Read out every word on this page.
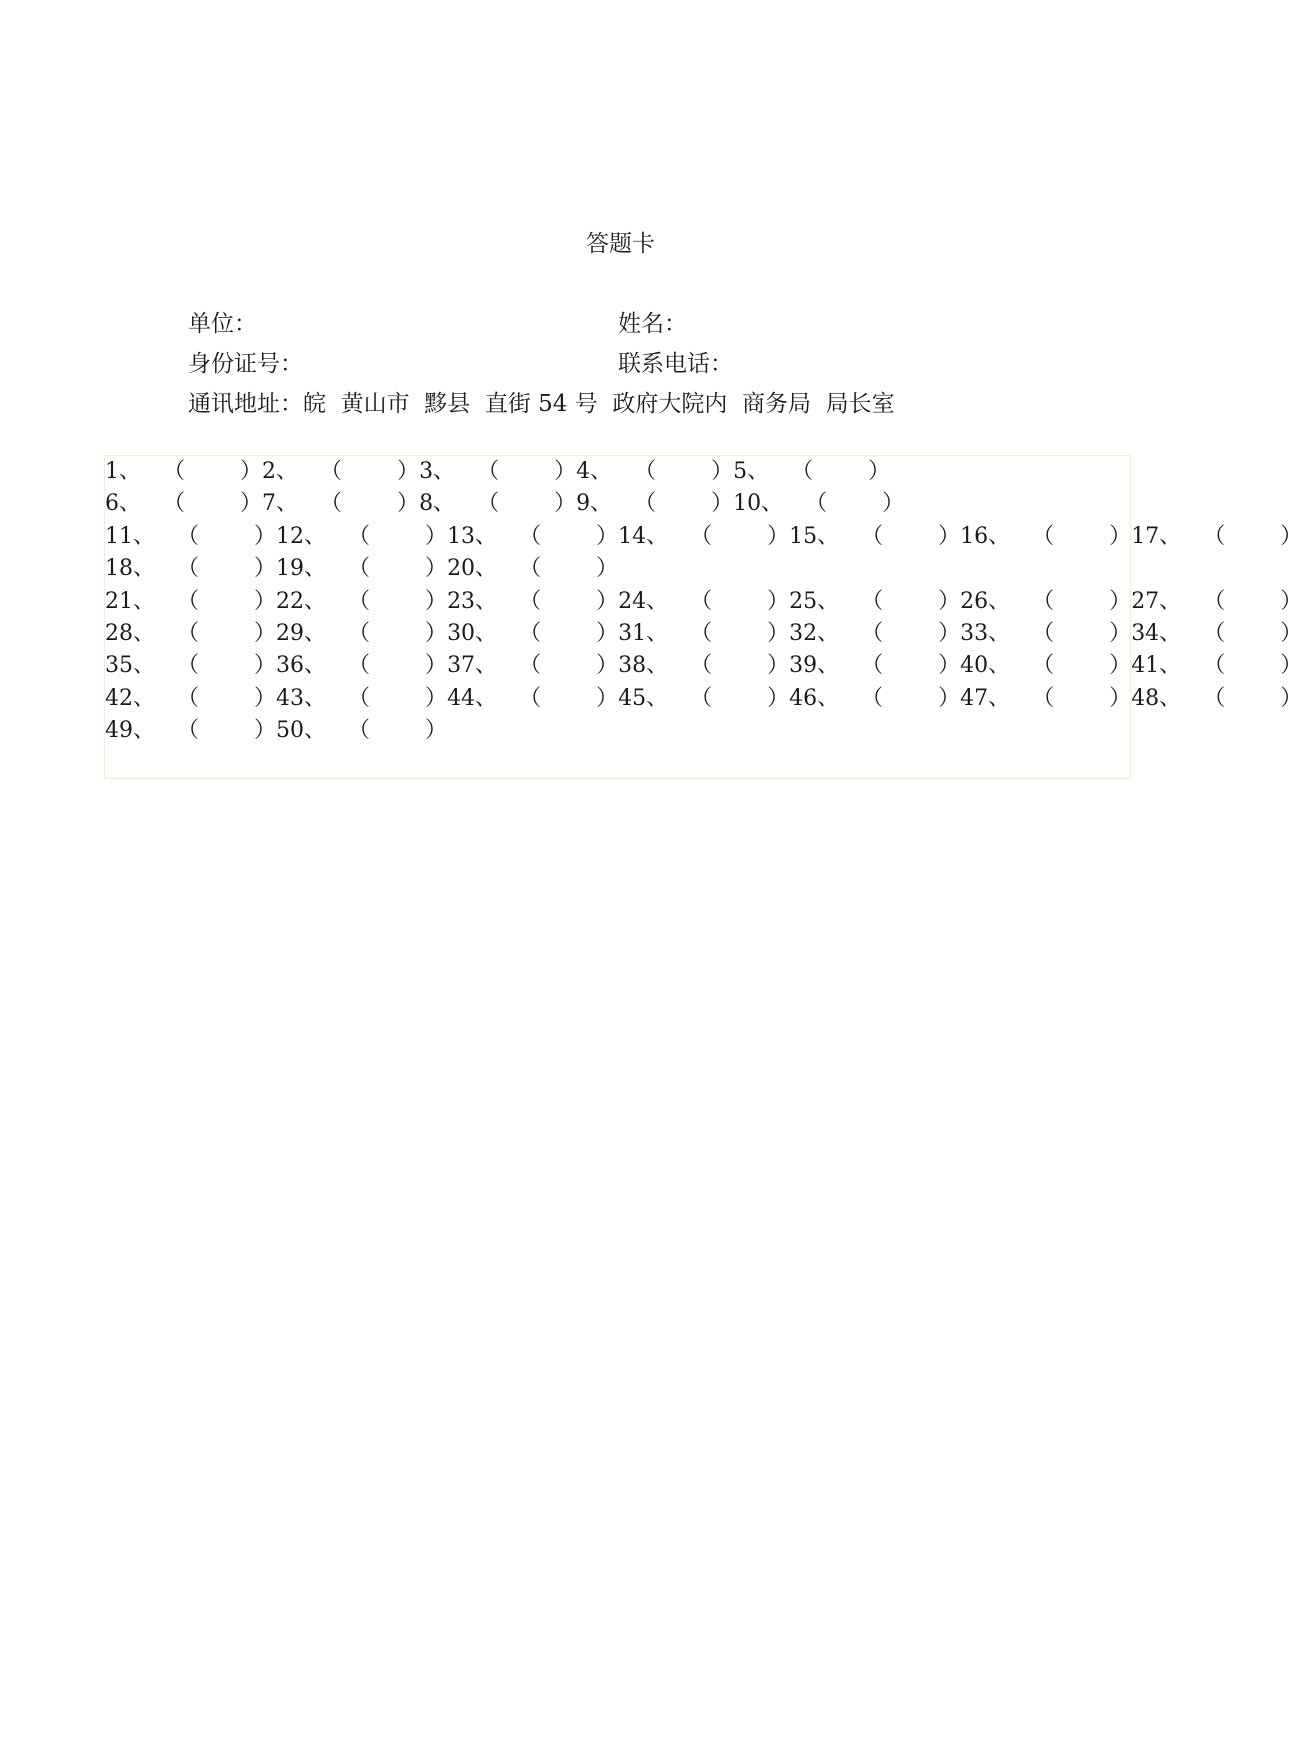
答题卡
单位：	姓名：
身份证号：	联系电话：
通讯地址：皖  黄山市  黟县  直街 54 号  政府大院内  商务局  局长室
1、 （	）2、 （	）3、 （	）4、 （	）5、 （	）
6、 （	）7、 （	）8、 （	）9、 （	）10、 （	）
11、 （	）12、 （	）13、 （	）14、 （	）15、 （	）16、 （	）17、 （	）
18、 （	）19、 （	）20、 （	）
21、 （	）22、 （	）23、 （	）24、 （	）25、 （	）26、 （	）27、 （	）
28、 （	）29、 （	）30、 （	）31、 （	）32、 （	）33、 （	）34、 （	）
35、 （	）36、 （	）37、 （	）38、 （	）39、 （	）40、 （	）41、 （	）
42、 （	）43、 （	）44、 （	）45、 （	）46、 （	）47、 （	）48、 （	）
49、 （	）50、 （	）
